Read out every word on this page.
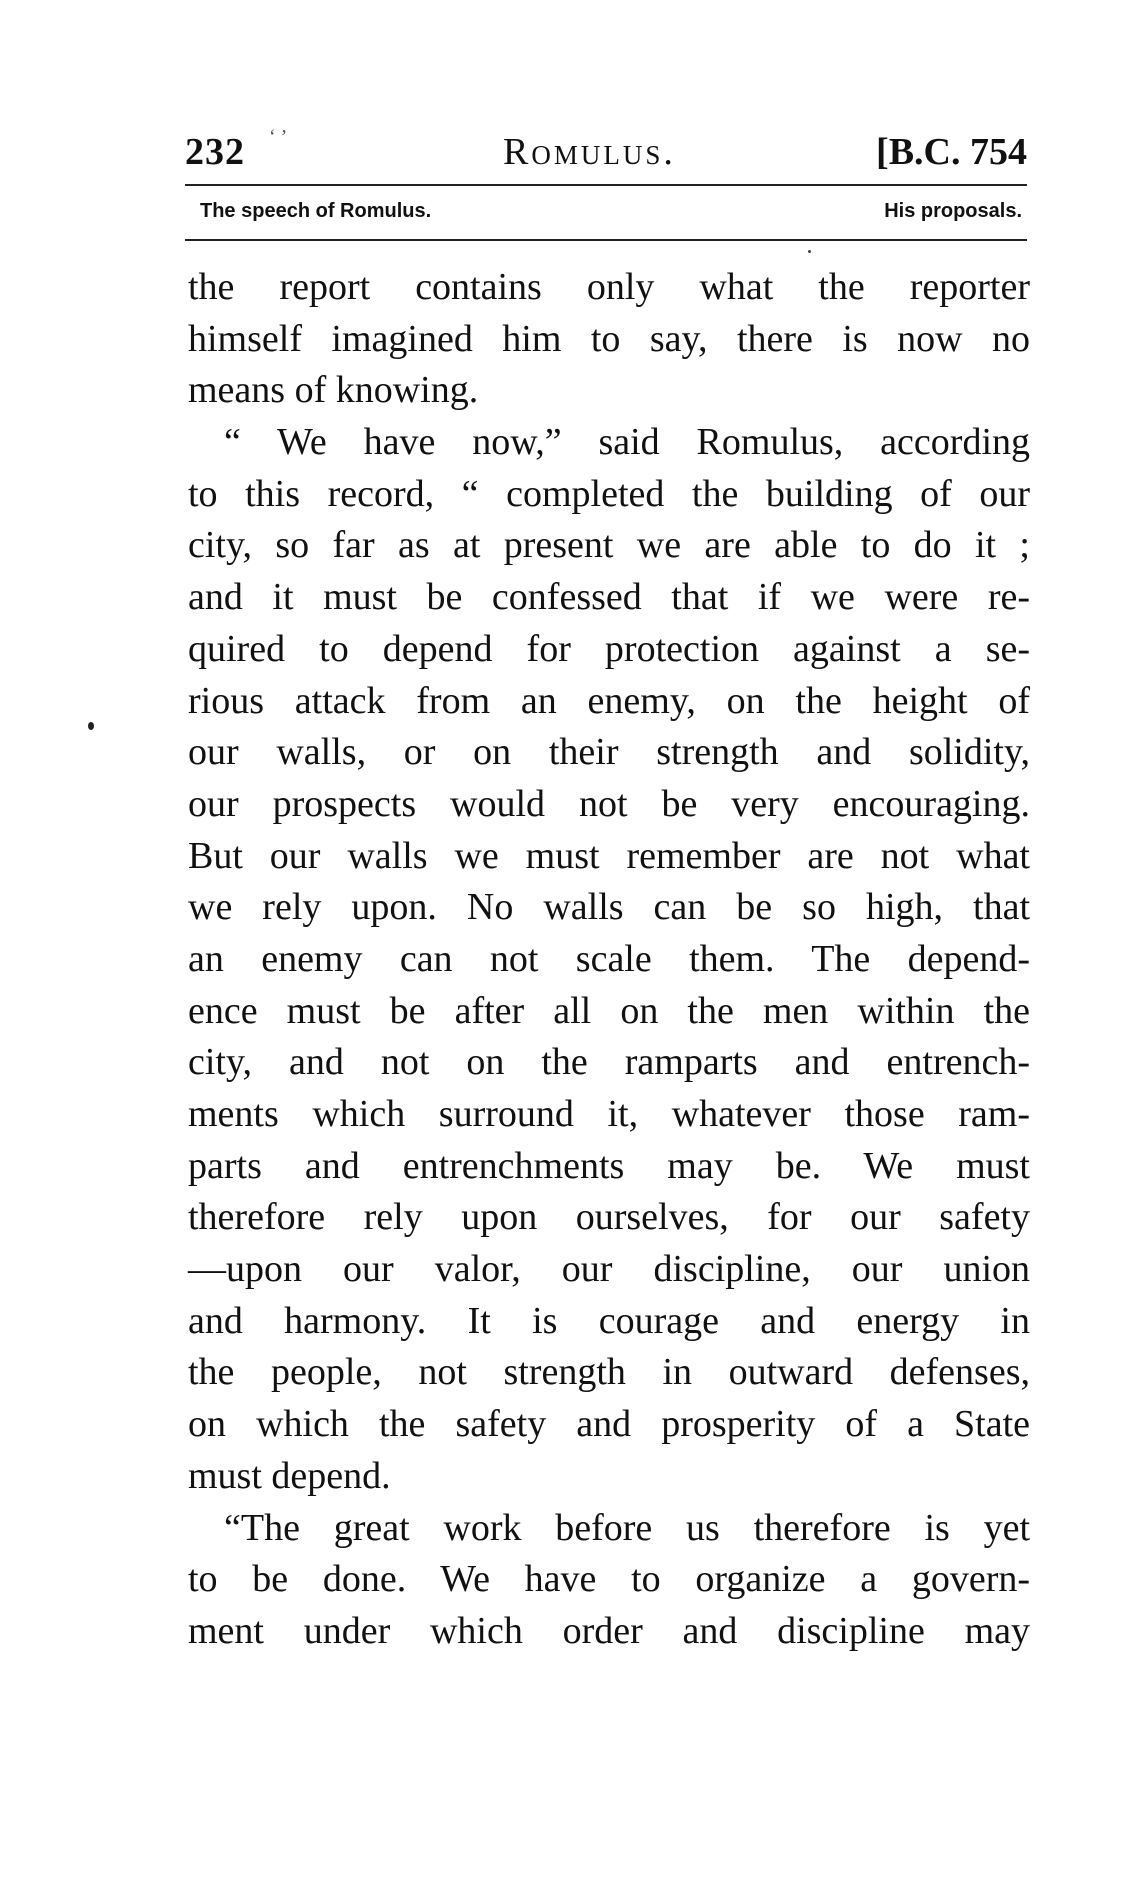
232 ‘ ’	Romulus.	[B.C. 754
The speech of Romulus.	His proposals.
the report contains only what the reporter
himself imagined him to say, there is now no
means of knowing.
“ We have now,” said Romulus, according
to this record, “ completed the building of our
city, so far as at present we are able to do it ;
and it must be confessed that if we were re-
quired to depend for protection against a se-
rious attack from an enemy, on the height of
our walls, or on their strength and solidity,
our prospects would not be very encouraging.
But our walls we must remember are not what
we rely upon. No walls can be so high, that
an enemy can not scale them. The depend-
ence must be after all on the men within the
city, and not on the ramparts and entrench-
ments which surround it, whatever those ram-
parts and entrenchments may be. We must
therefore rely upon ourselves, for our safety
—upon our valor, our discipline, our union
and harmony. It is courage and energy in
the people, not strength in outward defenses,
on which the safety and prosperity of a State
must depend.
“The great work before us therefore is yet
to be done. We have to organize a govern-
ment under which order and discipline may
